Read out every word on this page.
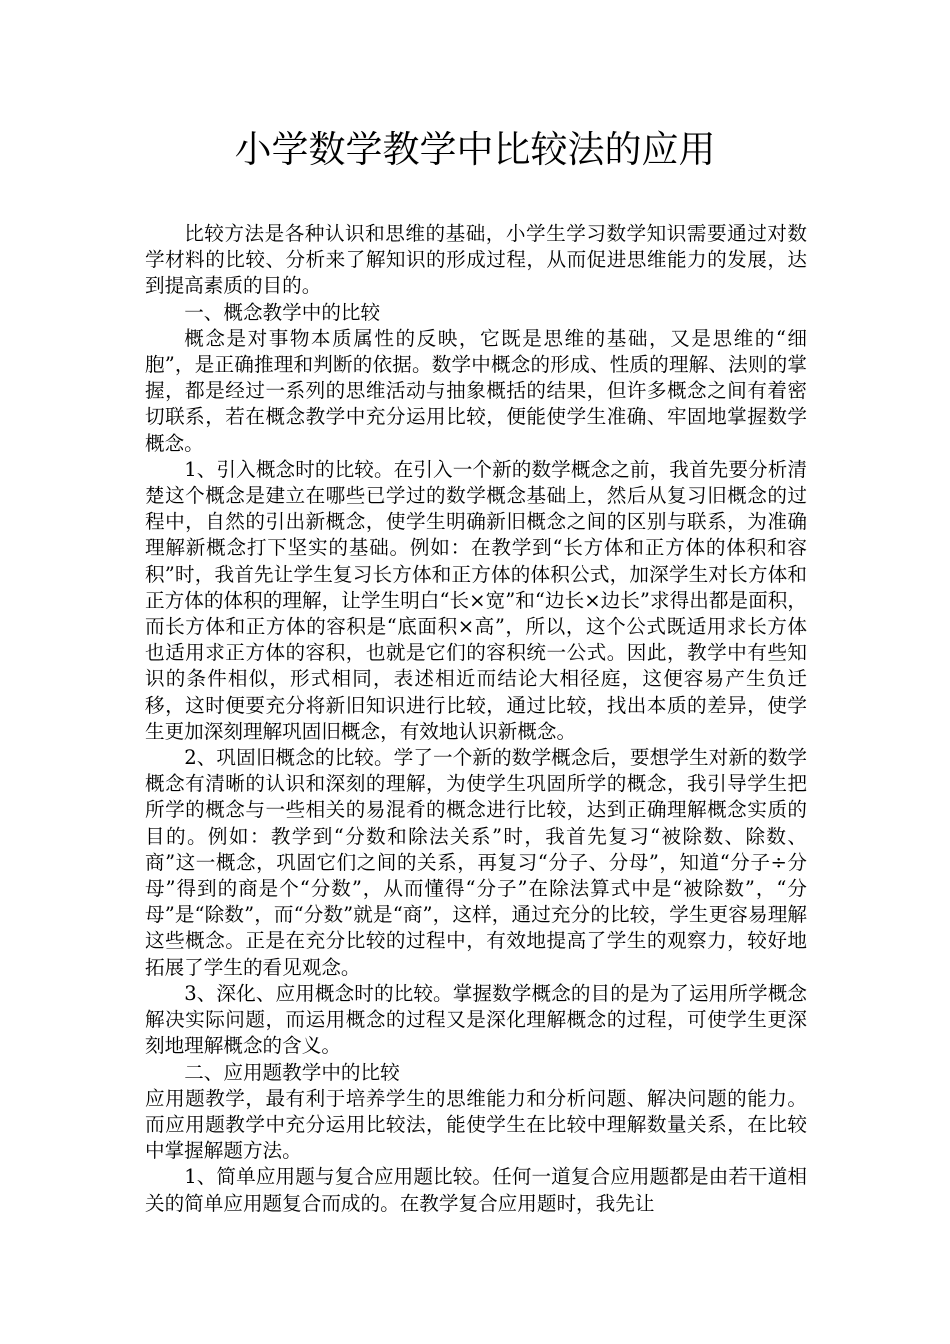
小学数学教学中比较法的应用

比较方法是各种认识和思维的基础，小学生学习数学知识需要通过对数学材料的比较、分析来了解知识的形成过程，从而促进思维能力的发展，达到提高素质的目的。

一、概念教学中的比较

概念是对事物本质属性的反映，它既是思维的基础，又是思维的“细胞”，是正确推理和判断的依据。数学中概念的形成、性质的理解、法则的掌握，都是经过一系列的思维活动与抽象概括的结果，但许多概念之间有着密切联系，若在概念教学中充分运用比较，便能使学生准确、牢固地掌握数学概念。

1、引入概念时的比较。在引入一个新的数学概念之前，我首先要分析清楚这个概念是建立在哪些已学过的数学概念基础上，然后从复习旧概念的过程中，自然的引出新概念，使学生明确新旧概念之间的区别与联系，为准确理解新概念打下坚实的基础。例如：在教学到“长方体和正方体的体积和容积”时，我首先让学生复习长方体和正方体的体积公式，加深学生对长方体和正方体的体积的理解，让学生明白“长×宽”和“边长×边长”求得出都是面积，而长方体和正方体的容积是“底面积×高”，所以，这个公式既适用求长方体也适用求正方体的容积，也就是它们的容积统一公式。因此，教学中有些知识的条件相似，形式相同，表述相近而结论大相径庭，这便容易产生负迁移，这时便要充分将新旧知识进行比较，通过比较，找出本质的差异，使学生更加深刻理解巩固旧概念，有效地认识新概念。

2、巩固旧概念的比较。学了一个新的数学概念后，要想学生对新的数学概念有清晰的认识和深刻的理解，为使学生巩固所学的概念，我引导学生把所学的概念与一些相关的易混肴的概念进行比较，达到正确理解概念实质的目的。例如：教学到“分数和除法关系”时，我首先复习“被除数、除数、商”这一概念，巩固它们之间的关系，再复习“分子、分母”，知道“分子÷分母”得到的商是个“分数”，从而懂得“分子”在除法算式中是“被除数”，“分母”是“除数”，而“分数”就是“商”，这样，通过充分的比较，学生更容易理解这些概念。正是在充分比较的过程中，有效地提高了学生的观察力，较好地拓展了学生的看见观念。

3、深化、应用概念时的比较。掌握数学概念的目的是为了运用所学概念解决实际问题，而运用概念的过程又是深化理解概念的过程，可使学生更深刻地理解概念的含义。

二、应用题教学中的比较

应用题教学，最有利于培养学生的思维能力和分析问题、解决问题的能力。而应用题教学中充分运用比较法，能使学生在比较中理解数量关系，在比较中掌握解题方法。

1、简单应用题与复合应用题比较。任何一道复合应用题都是由若干道相关的简单应用题复合而成的。在教学复合应用题时，我先让
